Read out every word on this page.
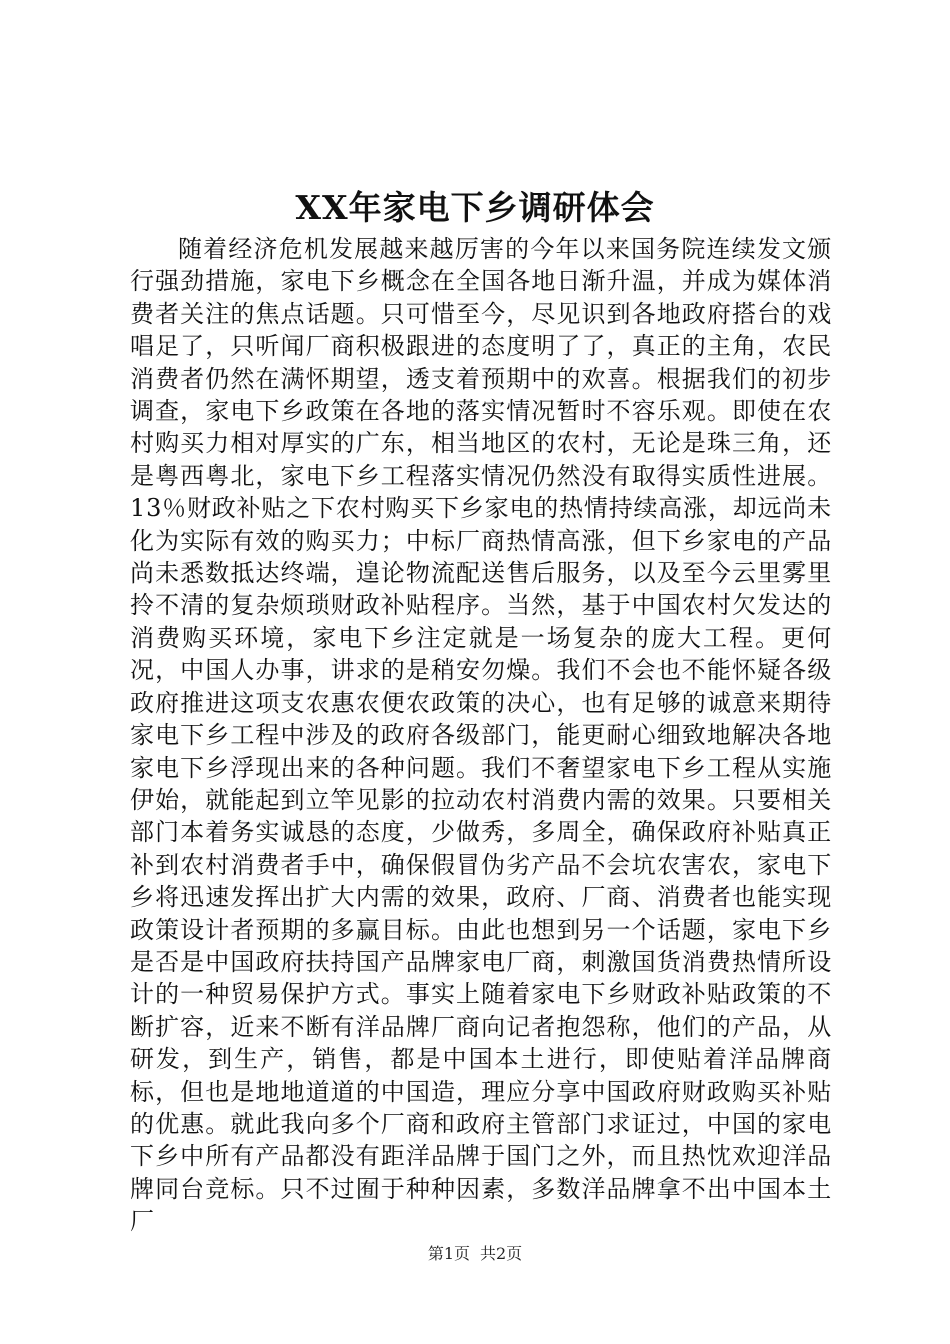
XX年家电下乡调研体会

随着经济危机发展越来越厉害的今年以来国务院连续发文颁行强劲措施，家电下乡概念在全国各地日渐升温，并成为媒体消费者关注的焦点话题。只可惜至今，尽见识到各地政府搭台的戏唱足了，只听闻厂商积极跟进的态度明了了，真正的主角，农民消费者仍然在满怀期望，透支着预期中的欢喜。根据我们的初步调查，家电下乡政策在各地的落实情况暂时不容乐观。即使在农村购买力相对厚实的广东，相当地区的农村，无论是珠三角，还是粤西粤北，家电下乡工程落实情况仍然没有取得实质性进展。13％财政补贴之下农村购买下乡家电的热情持续高涨，却远尚未化为实际有效的购买力；中标厂商热情高涨，但下乡家电的产品尚未悉数抵达终端，遑论物流配送售后服务，以及至今云里雾里拎不清的复杂烦琐财政补贴程序。当然，基于中国农村欠发达的消费购买环境，家电下乡注定就是一场复杂的庞大工程。更何况，中国人办事，讲求的是稍安勿燥。我们不会也不能怀疑各级政府推进这项支农惠农便农政策的决心，也有足够的诚意来期待家电下乡工程中涉及的政府各级部门，能更耐心细致地解决各地家电下乡浮现出来的各种问题。我们不奢望家电下乡工程从实施伊始，就能起到立竿见影的拉动农村消费内需的效果。只要相关部门本着务实诚恳的态度，少做秀，多周全，确保政府补贴真正补到农村消费者手中，确保假冒伪劣产品不会坑农害农，家电下乡将迅速发挥出扩大内需的效果，政府、厂商、消费者也能实现政策设计者预期的多赢目标。由此也想到另一个话题，家电下乡是否是中国政府扶持国产品牌家电厂商，刺激国货消费热情所设计的一种贸易保护方式。事实上随着家电下乡财政补贴政策的不断扩容，近来不断有洋品牌厂商向记者抱怨称，他们的产品，从研发，到生产，销售，都是中国本土进行，即使贴着洋品牌商标，但也是地地道道的中国造，理应分享中国政府财政购买补贴的优惠。就此我向多个厂商和政府主管部门求证过，中国的家电下乡中所有产品都没有距洋品牌于国门之外，而且热忱欢迎洋品牌同台竞标。只不过囿于种种因素，多数洋品牌拿不出中国本土厂

第1页 共2页
